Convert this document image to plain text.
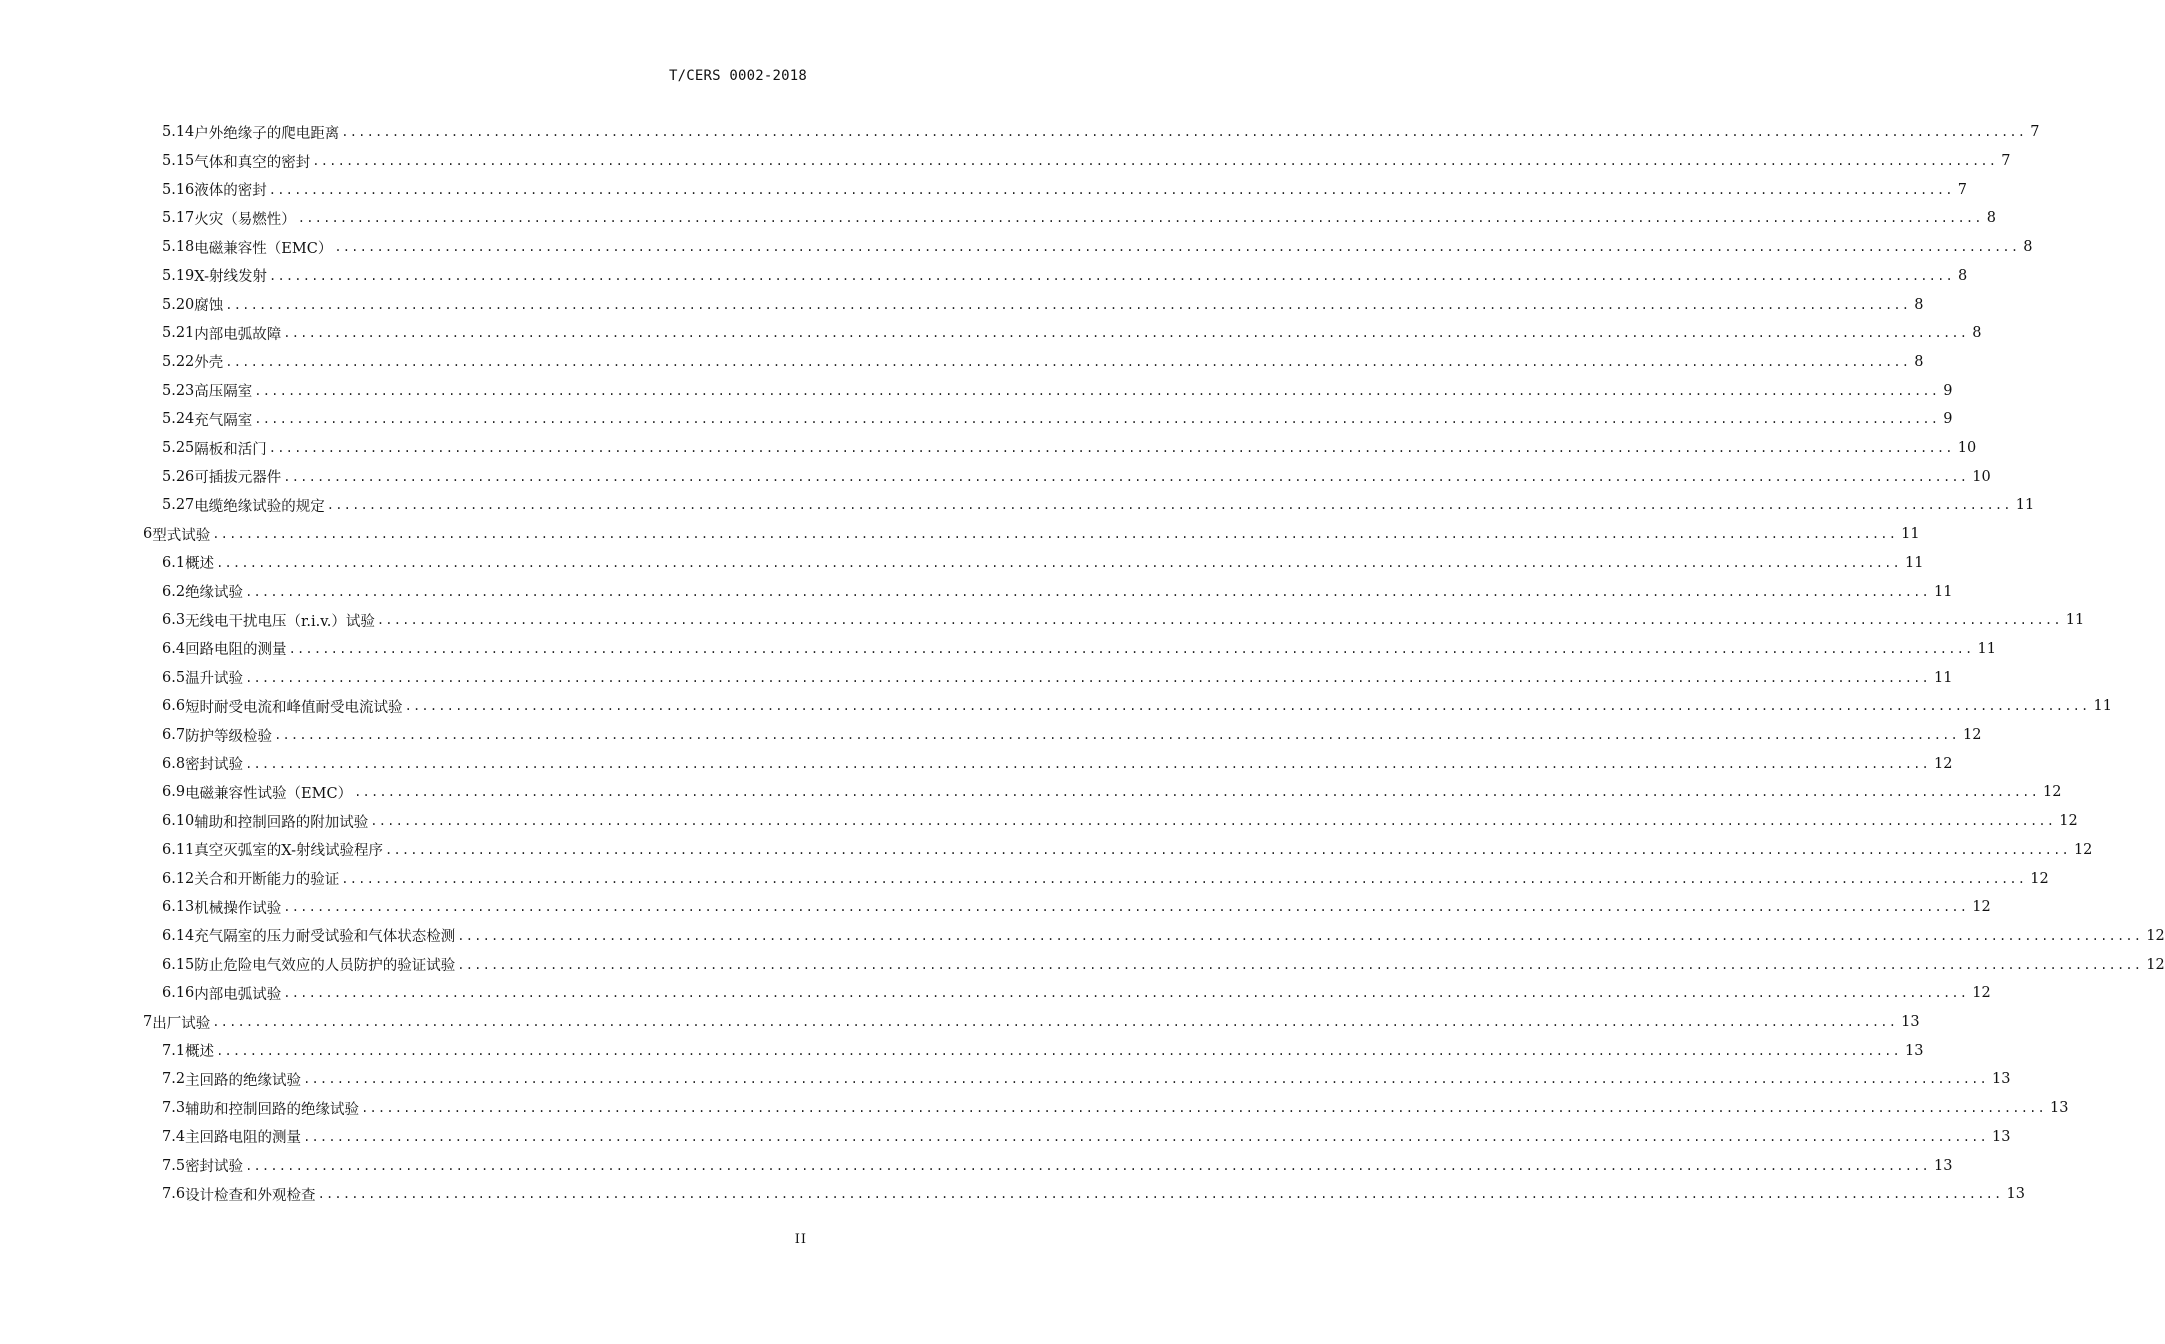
T/CERS 0002-2018
5.14 户外绝缘子的爬电距离 ........................................................................................................................................................................................................ 7
5.15 气体和真空的密封 ........................................................................................................................................................................................................ 7
5.16 液体的密封 ........................................................................................................................................................................................................ 7
5.17 火灾（易燃性） ........................................................................................................................................................................................................ 8
5.18 电磁兼容性（EMC） ........................................................................................................................................................................................................ 8
5.19 X-射线发射 ........................................................................................................................................................................................................ 8
5.20 腐蚀 ........................................................................................................................................................................................................ 8
5.21 内部电弧故障 ........................................................................................................................................................................................................ 8
5.22 外壳 ........................................................................................................................................................................................................ 8
5.23 高压隔室 ........................................................................................................................................................................................................ 9
5.24 充气隔室 ........................................................................................................................................................................................................ 9
5.25 隔板和活门 ........................................................................................................................................................................................................ 10
5.26 可插拔元器件 ........................................................................................................................................................................................................ 10
5.27 电缆绝缘试验的规定 ........................................................................................................................................................................................................ 11
6 型式试验 ........................................................................................................................................................................................................ 11
6.1 概述 ........................................................................................................................................................................................................ 11
6.2 绝缘试验 ........................................................................................................................................................................................................ 11
6.3 无线电干扰电压（r.i.v.）试验 ........................................................................................................................................................................................................ 11
6.4 回路电阻的测量 ........................................................................................................................................................................................................ 11
6.5 温升试验 ........................................................................................................................................................................................................ 11
6.6 短时耐受电流和峰值耐受电流试验 ........................................................................................................................................................................................................ 11
6.7 防护等级检验 ........................................................................................................................................................................................................ 12
6.8 密封试验 ........................................................................................................................................................................................................ 12
6.9 电磁兼容性试验（EMC） ........................................................................................................................................................................................................ 12
6.10 辅助和控制回路的附加试验 ........................................................................................................................................................................................................ 12
6.11 真空灭弧室的X-射线试验程序 ........................................................................................................................................................................................................ 12
6.12 关合和开断能力的验证 ........................................................................................................................................................................................................ 12
6.13 机械操作试验 ........................................................................................................................................................................................................ 12
6.14 充气隔室的压力耐受试验和气体状态检测 ........................................................................................................................................................................................................ 12
6.15 防止危险电气效应的人员防护的验证试验 ........................................................................................................................................................................................................ 12
6.16 内部电弧试验 ........................................................................................................................................................................................................ 12
7 出厂试验 ........................................................................................................................................................................................................ 13
7.1 概述 ........................................................................................................................................................................................................ 13
7.2 主回路的绝缘试验 ........................................................................................................................................................................................................ 13
7.3 辅助和控制回路的绝缘试验 ........................................................................................................................................................................................................ 13
7.4 主回路电阻的测量 ........................................................................................................................................................................................................ 13
7.5 密封试验 ........................................................................................................................................................................................................ 13
7.6 设计检查和外观检查 ........................................................................................................................................................................................................ 13
II
